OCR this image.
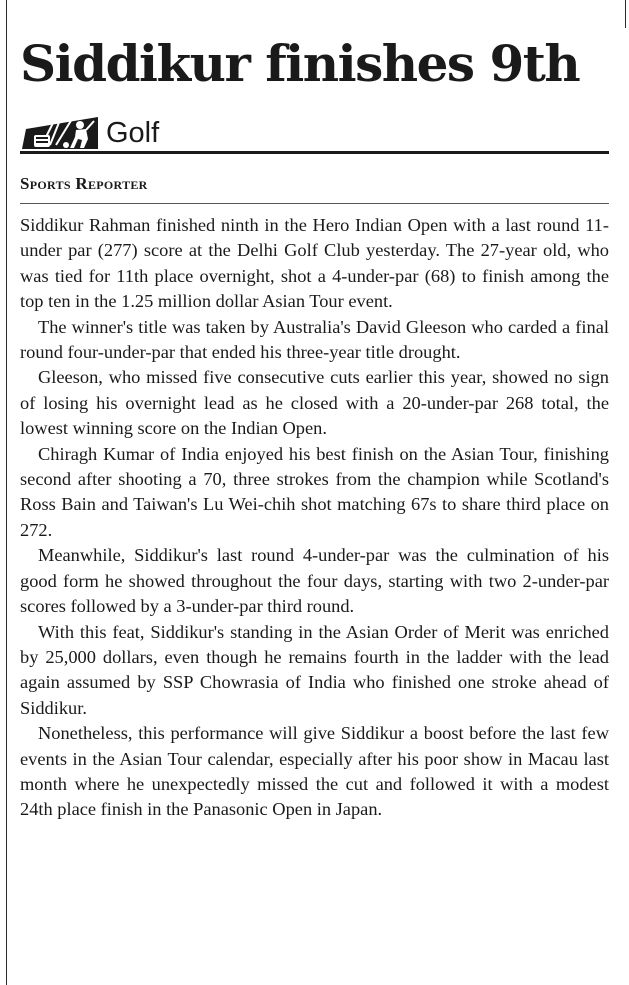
Siddikur finishes 9th
Golf
Sports Reporter

Siddikur Rahman finished ninth in the Hero Indian Open with a last round 11-under par (277) score at the Delhi Golf Club yesterday. The 27-year old, who was tied for 11th place overnight, shot a 4-under-par (68) to finish among the top ten in the 1.25 million dollar Asian Tour event.

The winner's title was taken by Australia's David Gleeson who carded a final round four-under-par that ended his three-year title drought.

Gleeson, who missed five consecutive cuts earlier this year, showed no sign of losing his overnight lead as he closed with a 20-under-par 268 total, the lowest winning score on the Indian Open.

Chiragh Kumar of India enjoyed his best finish on the Asian Tour, finishing second after shooting a 70, three strokes from the champion while Scotland's Ross Bain and Taiwan's Lu Wei-chih shot matching 67s to share third place on 272.

Meanwhile, Siddikur's last round 4-under-par was the culmination of his good form he showed throughout the four days, starting with two 2-under-par scores followed by a 3-under-par third round.

With this feat, Siddikur's standing in the Asian Order of Merit was enriched by 25,000 dollars, even though he remains fourth in the ladder with the lead again assumed by SSP Chowrasia of India who finished one stroke ahead of Siddikur.

Nonetheless, this performance will give Siddikur a boost before the last few events in the Asian Tour calendar, especially after his poor show in Macau last month where he unexpectedly missed the cut and followed it with a modest 24th place finish in the Panasonic Open in Japan.
